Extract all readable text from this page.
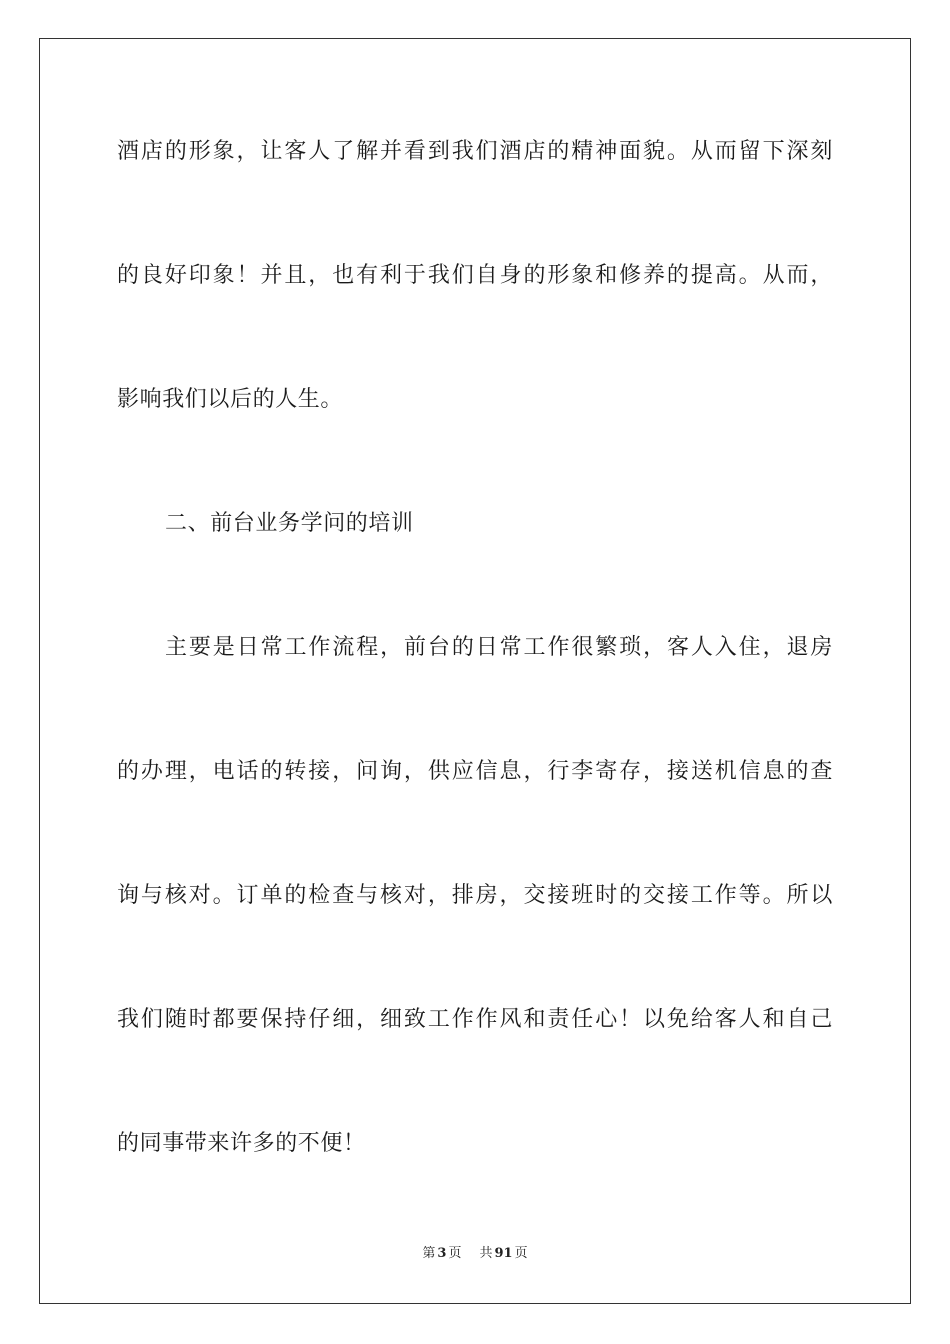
酒店的形象，让客人了解并看到我们酒店的精神面貌。从而留下深刻
的良好印象！并且，也有利于我们自身的形象和修养的提高。从而，
影响我们以后的人生。
二、前台业务学问的培训
主要是日常工作流程，前台的日常工作很繁琐，客人入住，退房
的办理，电话的转接，问询，供应信息，行李寄存，接送机信息的查
询与核对。订单的检查与核对，排房，交接班时的交接工作等。所以
我们随时都要保持仔细，细致工作作风和责任心！以免给客人和自己
的同事带来许多的不便！
第 3 页 共 91 页
